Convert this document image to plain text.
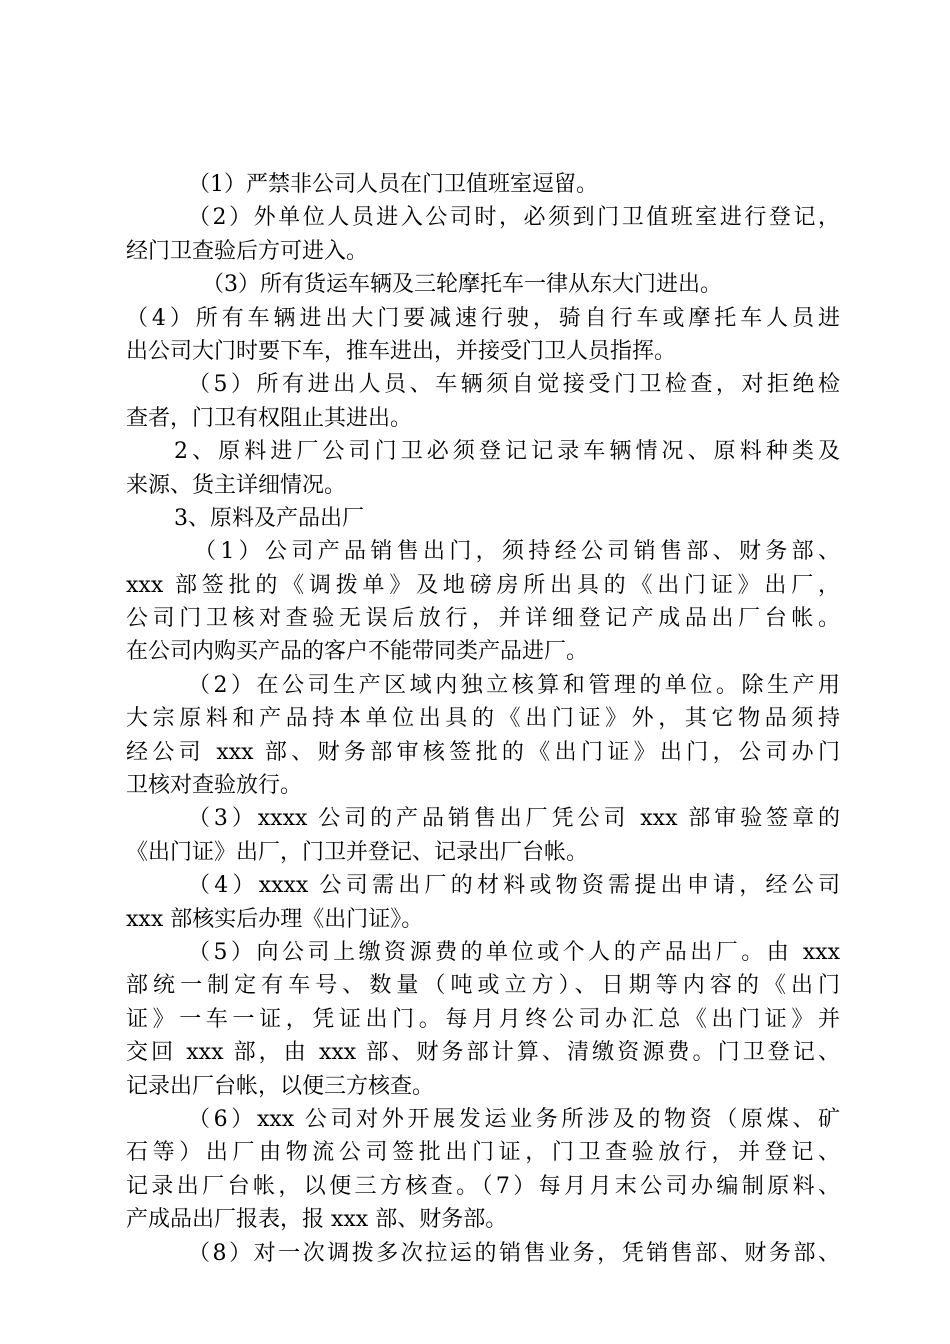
（1）严禁非公司人员在门卫值班室逗留。
（2）外单位人员进入公司时，必须到门卫值班室进行登记，
经门卫查验后方可进入。
（3）所有货运车辆及三轮摩托车一律从东大门进出。
（4）所有车辆进出大门要减速行驶，骑自行车或摩托车人员进
出公司大门时要下车，推车进出，并接受门卫人员指挥。
（5）所有进出人员、车辆须自觉接受门卫检查，对拒绝检
查者，门卫有权阻止其进出。
2、原料进厂公司门卫必须登记记录车辆情况、原料种类及
来源、货主详细情况。
3、原料及产品出厂
（1）公司产品销售出门，须持经公司销售部、财务部、
xxx 部签批的《调拨单》及地磅房所出具的《出门证》出厂，
公司门卫核对查验无误后放行，并详细登记产成品出厂台帐。
在公司内购买产品的客户不能带同类产品进厂。
（2）在公司生产区域内独立核算和管理的单位。除生产用
大宗原料和产品持本单位出具的《出门证》外，其它物品须持
经公司 xxx 部、财务部审核签批的《出门证》出门，公司办门
卫核对查验放行。
（3）xxxx 公司的产品销售出厂凭公司 xxx 部审验签章的
《出门证》出厂，门卫并登记、记录出厂台帐。
（4）xxxx 公司需出厂的材料或物资需提出申请，经公司
xxx 部核实后办理《出门证》。
（5）向公司上缴资源费的单位或个人的产品出厂。由 xxx
部统一制定有车号、数量（吨或立方）、日期等内容的《出门
证》一车一证，凭证出门。每月月终公司办汇总《出门证》并
交回 xxx 部，由 xxx 部、财务部计算、清缴资源费。门卫登记、
记录出厂台帐，以便三方核查。
（6）xxx 公司对外开展发运业务所涉及的物资（原煤、矿
石等）出厂由物流公司签批出门证，门卫查验放行，并登记、
记录出厂台帐，以便三方核查。（7）每月月末公司办编制原料、
产成品出厂报表，报 xxx 部、财务部。
（8）对一次调拨多次拉运的销售业务，凭销售部、财务部、
